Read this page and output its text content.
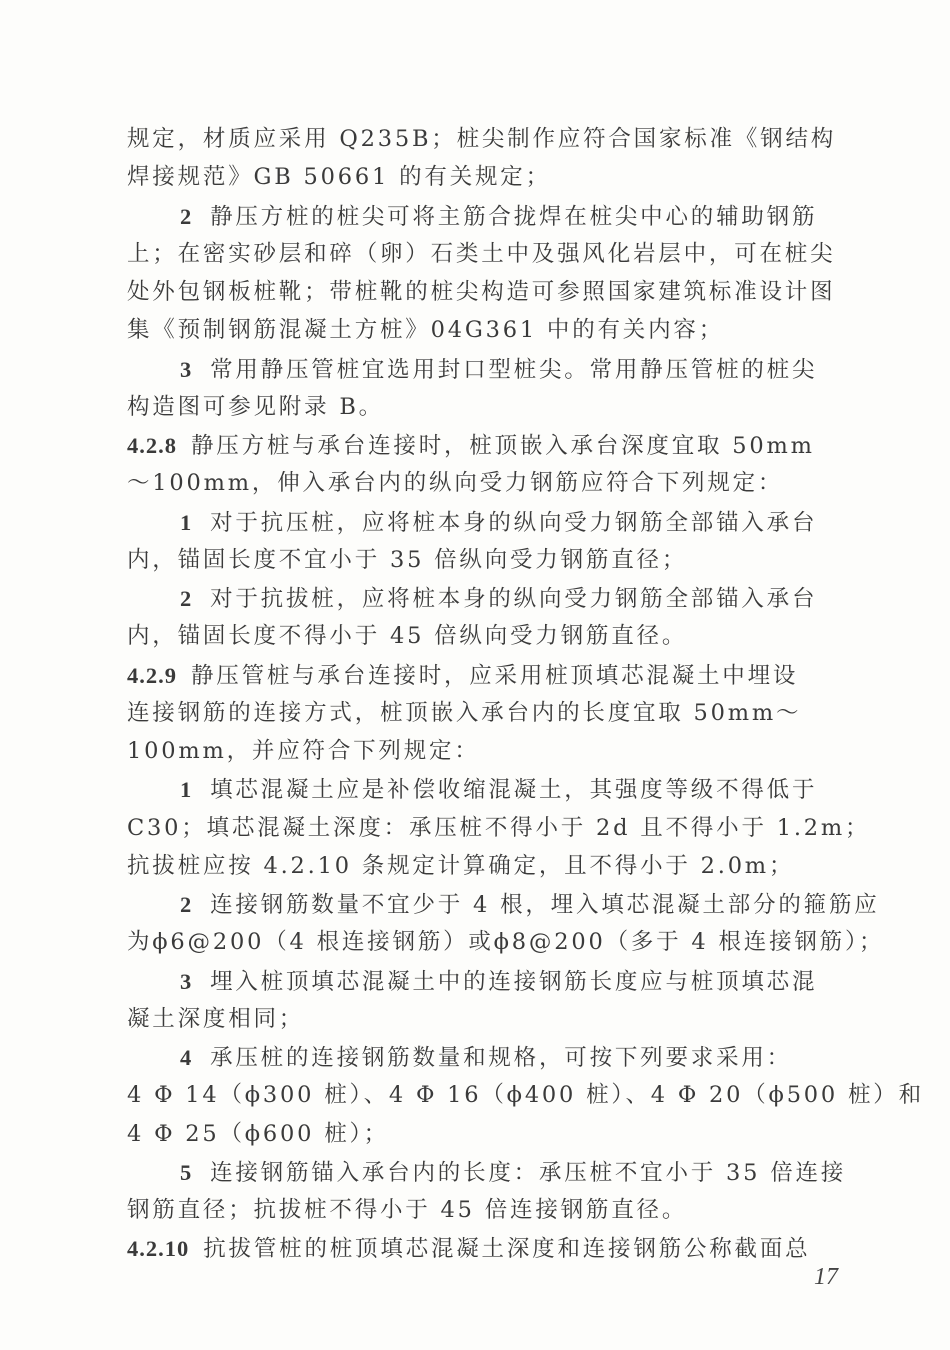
规定，材质应采用 Q235B；桩尖制作应符合国家标准《钢结构
焊接规范》GB 50661 的有关规定；
2 静压方桩的桩尖可将主筋合拢焊在桩尖中心的辅助钢筋
上；在密实砂层和碎（卵）石类土中及强风化岩层中，可在桩尖
处外包钢板桩靴；带桩靴的桩尖构造可参照国家建筑标准设计图
集《预制钢筋混凝土方桩》04G361 中的有关内容；
3 常用静压管桩宜选用封口型桩尖。常用静压管桩的桩尖
构造图可参见附录 B。
4.2.8 静压方桩与承台连接时，桩顶嵌入承台深度宜取 50mm
～100mm，伸入承台内的纵向受力钢筋应符合下列规定：
1 对于抗压桩，应将桩本身的纵向受力钢筋全部锚入承台
内，锚固长度不宜小于 35 倍纵向受力钢筋直径；
2 对于抗拔桩，应将桩本身的纵向受力钢筋全部锚入承台
内，锚固长度不得小于 45 倍纵向受力钢筋直径。
4.2.9 静压管桩与承台连接时，应采用桩顶填芯混凝土中埋设
连接钢筋的连接方式，桩顶嵌入承台内的长度宜取 50mm～
100mm，并应符合下列规定：
1 填芯混凝土应是补偿收缩混凝土，其强度等级不得低于
C30；填芯混凝土深度：承压桩不得小于 2d 且不得小于 1.2m；
抗拔桩应按 4.2.10 条规定计算确定，且不得小于 2.0m；
2 连接钢筋数量不宜少于 4 根，埋入填芯混凝土部分的箍筋应
为ϕ6@200（4 根连接钢筋）或ϕ8@200（多于 4 根连接钢筋）；
3 埋入桩顶填芯混凝土中的连接钢筋长度应与桩顶填芯混
凝土深度相同；
4 承压桩的连接钢筋数量和规格，可按下列要求采用：
4 Φ 14（ϕ300 桩）、4 Φ 16（ϕ400 桩）、4 Φ 20（ϕ500 桩）和
4 Φ 25（ϕ600 桩）；
5 连接钢筋锚入承台内的长度：承压桩不宜小于 35 倍连接
钢筋直径；抗拔桩不得小于 45 倍连接钢筋直径。
4.2.10 抗拔管桩的桩顶填芯混凝土深度和连接钢筋公称截面总
17
